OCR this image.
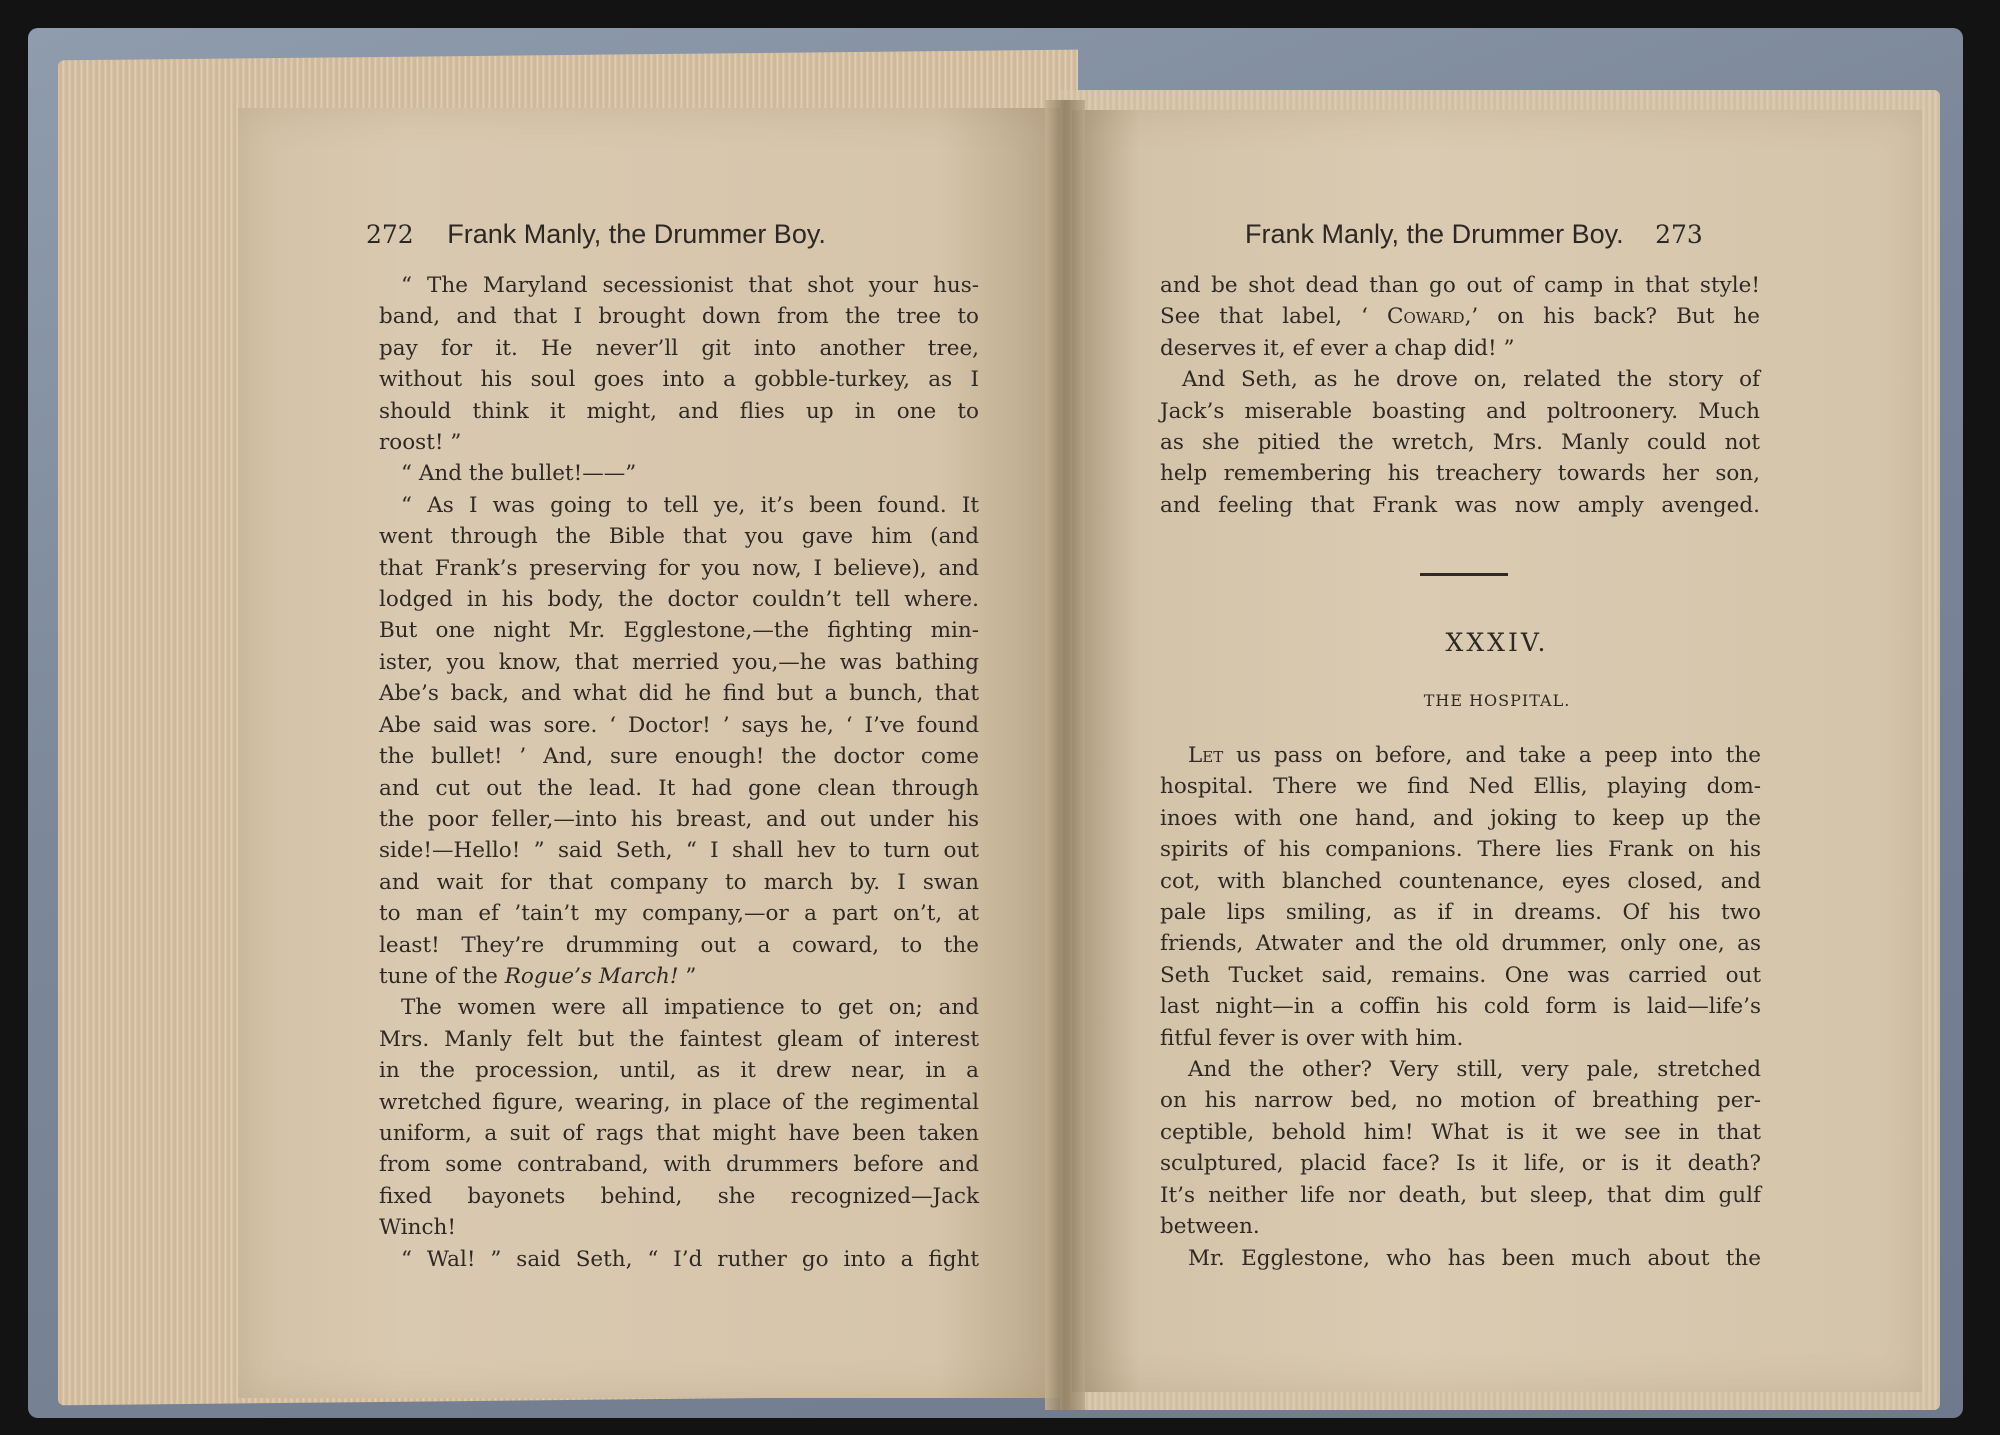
272 Frank Manly, the Drummer Boy.	Frank Manly, the Drummer Boy. 273
“ The Maryland secessionist that shot your hus-
band, and that I brought down from the tree to
pay for it. He never’ll git into another tree,
without his soul goes into a gobble-turkey, as I
should think it might, and flies up in one to
roost! ”
“ And the bullet!——”
“ As I was going to tell ye, it’s been found. It
went through the Bible that you gave him (and
that Frank’s preserving for you now, I believe), and
lodged in his body, the doctor couldn’t tell where.
But one night Mr. Egglestone,—the fighting min-
ister, you know, that merried you,—he was bathing
Abe’s back, and what did he find but a bunch, that
Abe said was sore. ‘ Doctor! ’ says he, ‘ I’ve found
the bullet! ’ And, sure enough! the doctor come
and cut out the lead. It had gone clean through
the poor feller,—into his breast, and out under his
side!—Hello! ” said Seth, “ I shall hev to turn out
and wait for that company to march by. I swan
to man ef ’tain’t my company,—or a part on’t, at
least! They’re drumming out a coward, to the
tune of the Rogue’s March! ”
The women were all impatience to get on; and
Mrs. Manly felt but the faintest gleam of interest
in the procession, until, as it drew near, in a
wretched figure, wearing, in place of the regimental
uniform, a suit of rags that might have been taken
from some contraband, with drummers before and
fixed bayonets behind, she recognized—Jack
Winch!
“ Wal! ” said Seth, “ I’d ruther go into a fight
and be shot dead than go out of camp in that style!
See that label, ‘ Coward,’ on his back? But he
deserves it, ef ever a chap did! ”
And Seth, as he drove on, related the story of
Jack’s miserable boasting and poltroonery. Much
as she pitied the wretch, Mrs. Manly could not
help remembering his treachery towards her son,
and feeling that Frank was now amply avenged.
XXXIV.
THE HOSPITAL.
Let us pass on before, and take a peep into the
hospital. There we find Ned Ellis, playing dom-
inoes with one hand, and joking to keep up the
spirits of his companions. There lies Frank on his
cot, with blanched countenance, eyes closed, and
pale lips smiling, as if in dreams. Of his two
friends, Atwater and the old drummer, only one, as
Seth Tucket said, remains. One was carried out
last night—in a coffin his cold form is laid—life’s
fitful fever is over with him.
And the other? Very still, very pale, stretched
on his narrow bed, no motion of breathing per-
ceptible, behold him! What is it we see in that
sculptured, placid face? Is it life, or is it death?
It’s neither life nor death, but sleep, that dim gulf
between.
Mr. Egglestone, who has been much about the
